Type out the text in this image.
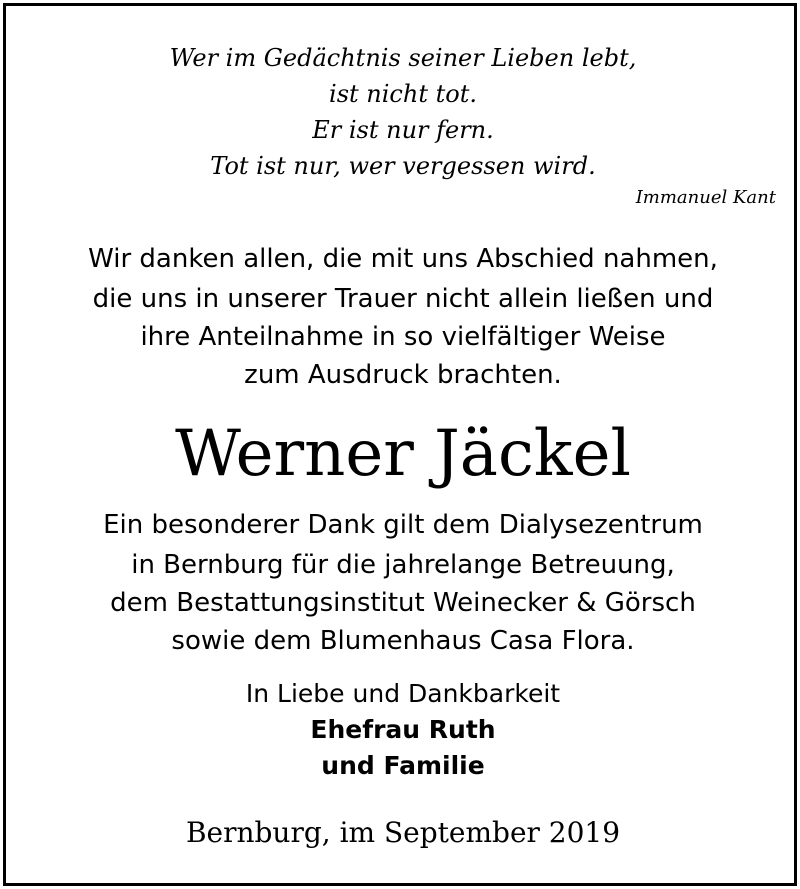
Wer im Gedächtnis seiner Lieben lebt,
ist nicht tot.
Er ist nur fern.
Tot ist nur, wer vergessen wird.
Immanuel Kant
Wir danken allen, die mit uns Abschied nahmen,
die uns in unserer Trauer nicht allein ließen und
ihre Anteilnahme in so vielfältiger Weise
zum Ausdruck brachten.
Werner Jäckel
Ein besonderer Dank gilt dem Dialysezentrum
in Bernburg für die jahrelange Betreuung,
dem Bestattungsinstitut Weinecker & Görsch
sowie dem Blumenhaus Casa Flora.
In Liebe und Dankbarkeit
Ehefrau Ruth
und Familie
Bernburg, im September 2019
